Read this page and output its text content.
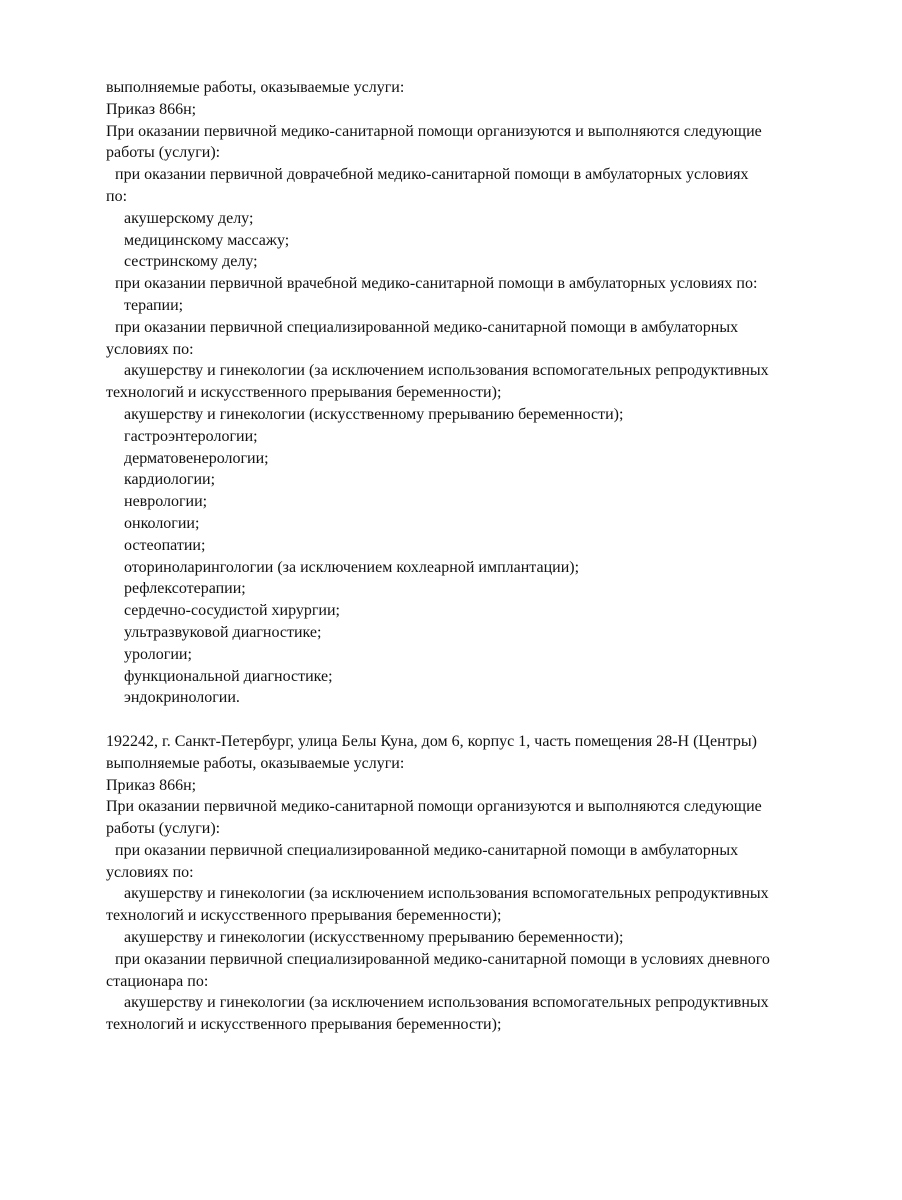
выполняемые работы, оказываемые услуги:

Приказ 866н;

При оказании первичной медико-санитарной помощи организуются и выполняются следующие

работы (услуги):

при оказании первичной доврачебной медико-санитарной помощи в амбулаторных условиях

по:

акушерскому делу;

медицинскому массажу;

сестринскому делу;

при оказании первичной врачебной медико-санитарной помощи в амбулаторных условиях по:

терапии;

при оказании первичной специализированной медико-санитарной помощи в амбулаторных

условиях по:

акушерству и гинекологии (за исключением использования вспомогательных репродуктивных

технологий и искусственного прерывания беременности);

акушерству и гинекологии (искусственному прерыванию беременности);

гастроэнтерологии;

дерматовенерологии;

кардиологии;

неврологии;

онкологии;

остеопатии;

оториноларингологии (за исключением кохлеарной имплантации);

рефлексотерапии;

сердечно-сосудистой хирургии;

ультразвуковой диагностике;

урологии;

функциональной диагностике;

эндокринологии.

192242, г. Санкт-Петербург, улица Белы Куна, дом 6, корпус 1, часть помещения 28-Н (Центры)

выполняемые работы, оказываемые услуги:

Приказ 866н;

При оказании первичной медико-санитарной помощи организуются и выполняются следующие

работы (услуги):

при оказании первичной специализированной медико-санитарной помощи в амбулаторных

условиях по:

акушерству и гинекологии (за исключением использования вспомогательных репродуктивных

технологий и искусственного прерывания беременности);

акушерству и гинекологии (искусственному прерыванию беременности);

при оказании первичной специализированной медико-санитарной помощи в условиях дневного

стационара по:

акушерству и гинекологии (за исключением использования вспомогательных репродуктивных

технологий и искусственного прерывания беременности);
